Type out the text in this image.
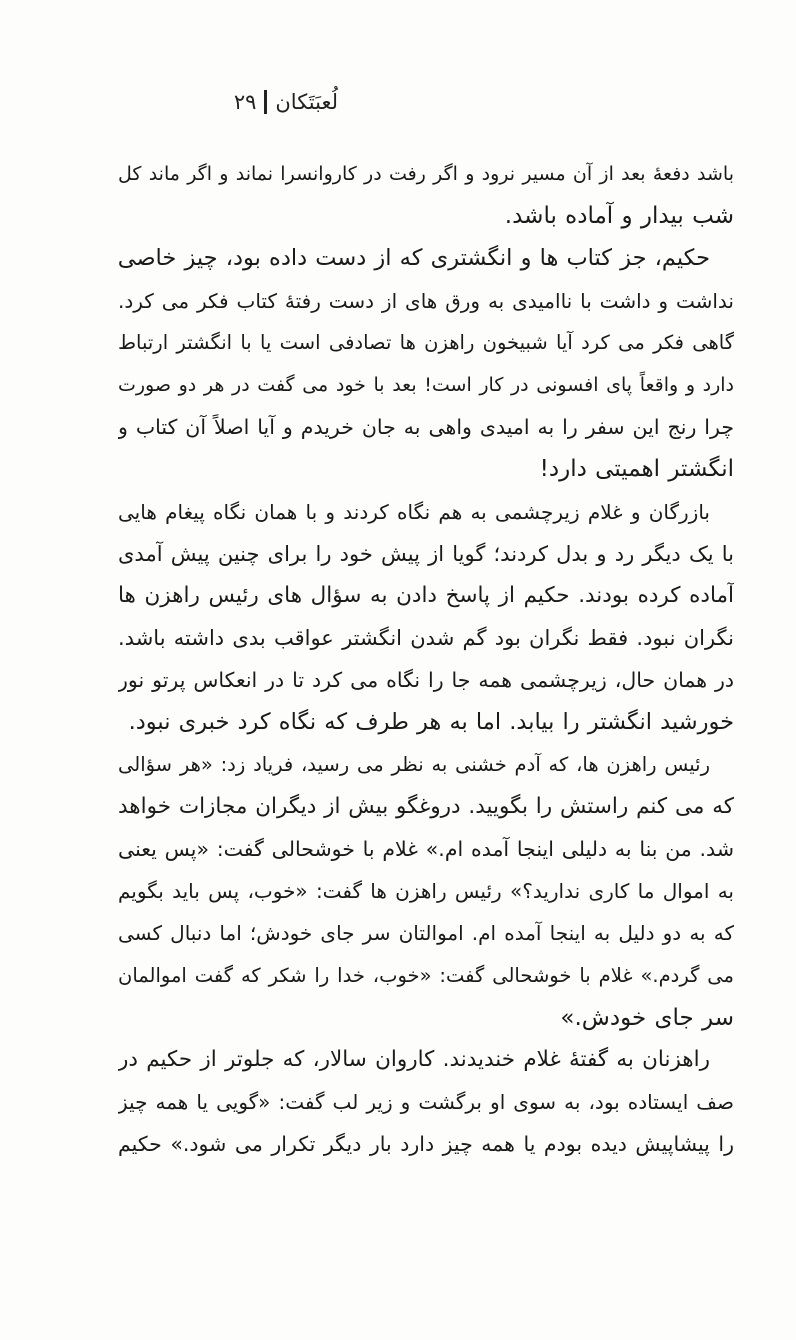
لُعبَتَکان
۲۹
باشد دفعهٔ بعد از آن مسیر نرود و اگر رفت در کاروانسرا نماند و اگر ماند کل
شب بیدار و آماده باشد.
حکیم، جز کتاب ها و انگشتری که از دست داده بود، چیز خاصی
نداشت و داشت با ناامیدی به ورق های از دست رفتهٔ کتاب فکر می کرد.
گاهی فکر می کرد آیا شبیخون راهزن ها تصادفی است یا با انگشتر ارتباط
دارد و واقعاً پای افسونی در کار است! بعد با خود می گفت در هر دو صورت
چرا رنج این سفر را به امیدی واهی به جان خریدم و آیا اصلاً آن کتاب و
انگشتر اهمیتی دارد!
بازرگان و غلام زیرچشمی به هم نگاه کردند و با همان نگاه پیغام هایی
با یک دیگر رد و بدل کردند؛ گویا از پیش خود را برای چنین پیش آمدی
آماده کرده بودند. حکیم از پاسخ دادن به سؤال های رئیس راهزن ها
نگران نبود. فقط نگران بود گم شدن انگشتر عواقب بدی داشته باشد.
در همان حال، زیرچشمی همه جا را نگاه می کرد تا در انعکاس پرتو نور
خورشید انگشتر را بیابد. اما به هر طرف که نگاه کرد خبری نبود.
رئیس راهزن ها، که آدم خشنی به نظر می رسید، فریاد زد: «هر سؤالی
که می کنم راستش را بگویید. دروغگو بیش از دیگران مجازات خواهد
شد. من بنا به دلیلی اینجا آمده ام.» غلام با خوشحالی گفت: «پس یعنی
به اموال ما کاری ندارید؟» رئیس راهزن ها گفت: «خوب، پس باید بگویم
که به دو دلیل به اینجا آمده ام. اموالتان سر جای خودش؛ اما دنبال کسی
می گردم.» غلام با خوشحالی گفت: «خوب، خدا را شکر که گفت اموالمان
سر جای خودش.»
راهزنان به گفتهٔ غلام خندیدند. کاروان سالار، که جلوتر از حکیم در
صف ایستاده بود، به سوی او برگشت و زیر لب گفت: «گویی یا همه چیز
را پیشاپیش دیده بودم یا همه چیز دارد بار دیگر تکرار می شود.» حکیم
